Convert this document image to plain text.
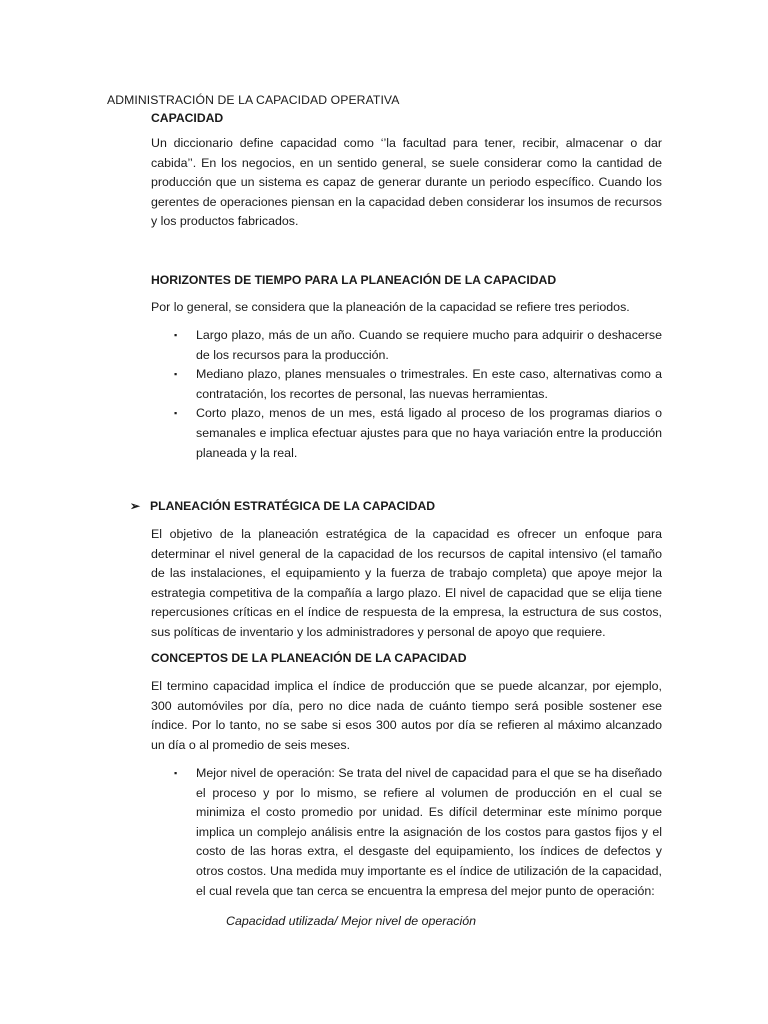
ADMINISTRACIÓN DE LA CAPACIDAD OPERATIVA
CAPACIDAD
Un diccionario define capacidad como ‘’la facultad para tener, recibir, almacenar o dar cabida’’. En los negocios, en un sentido general, se suele considerar como la cantidad de producción que un sistema es capaz de generar durante un periodo específico. Cuando los gerentes de operaciones piensan en la capacidad deben considerar los insumos de recursos y los productos fabricados.
HORIZONTES DE TIEMPO PARA LA PLANEACIÓN DE LA CAPACIDAD
Por lo general, se considera que la planeación de la capacidad se refiere tres periodos.
▪ Largo plazo, más de un año. Cuando se requiere mucho para adquirir o deshacerse de los recursos para la producción.
▪ Mediano plazo, planes mensuales o trimestrales. En este caso, alternativas como a contratación, los recortes de personal, las nuevas herramientas.
▪ Corto plazo, menos de un mes, está ligado al proceso de los programas diarios o semanales e implica efectuar ajustes para que no haya variación entre la producción planeada y la real.
➢ PLANEACIÓN ESTRATÉGICA DE LA CAPACIDAD
El objetivo de la planeación estratégica de la capacidad es ofrecer un enfoque para determinar el nivel general de la capacidad de los recursos de capital intensivo (el tamaño de las instalaciones, el equipamiento y la fuerza de trabajo completa) que apoye mejor la estrategia competitiva de la compañía a largo plazo. El nivel de capacidad que se elija tiene repercusiones críticas en el índice de respuesta de la empresa, la estructura de sus costos, sus políticas de inventario y los administradores y personal de apoyo que requiere.
CONCEPTOS DE LA PLANEACIÓN DE LA CAPACIDAD
El termino capacidad implica el índice de producción que se puede alcanzar, por ejemplo, 300 automóviles por día, pero no dice nada de cuánto tiempo será posible sostener ese índice. Por lo tanto, no se sabe si esos 300 autos por día se refieren al máximo alcanzado un día o al promedio de seis meses.
▪ Mejor nivel de operación: Se trata del nivel de capacidad para el que se ha diseñado el proceso y por lo mismo, se refiere al volumen de producción en el cual se minimiza el costo promedio por unidad. Es difícil determinar este mínimo porque implica un complejo análisis entre la asignación de los costos para gastos fijos y el costo de las horas extra, el desgaste del equipamiento, los índices de defectos y otros costos. Una medida muy importante es el índice de utilización de la capacidad, el cual revela que tan cerca se encuentra la empresa del mejor punto de operación:
Capacidad utilizada/ Mejor nivel de operación
